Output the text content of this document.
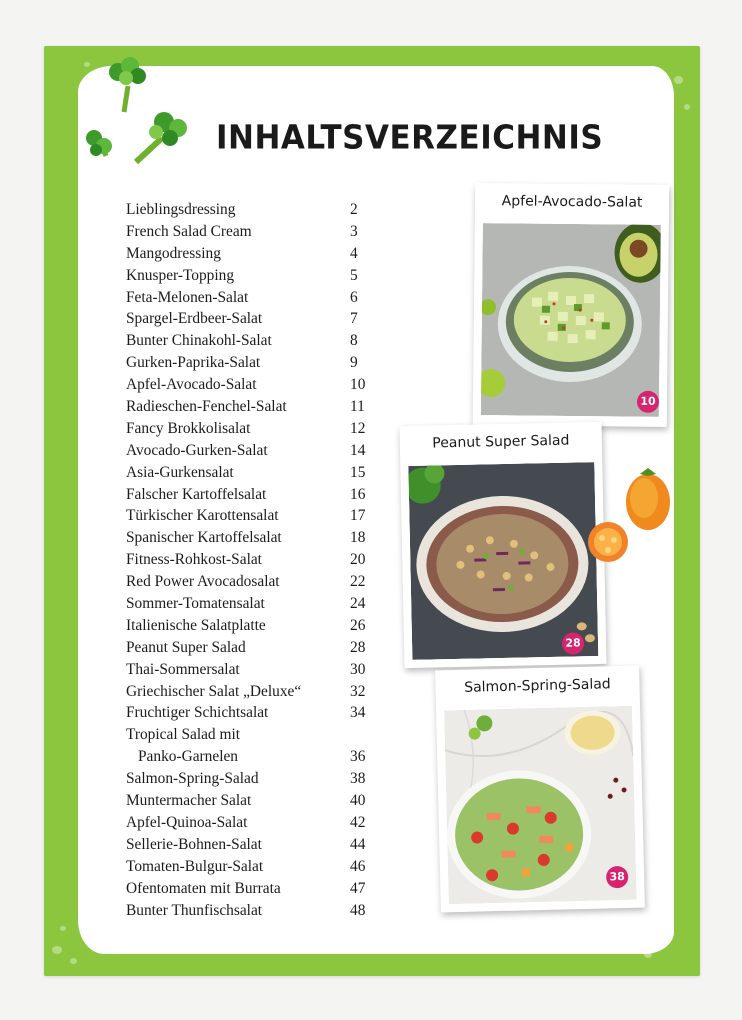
INHALTSVERZEICHNIS
Lieblingsdressing	2
French Salad Cream	3
Mangodressing	4
Knusper-Topping	5
Feta-Melonen-Salat	6
Spargel-Erdbeer-Salat	7
Bunter Chinakohl-Salat	8
Gurken-Paprika-Salat	9
Apfel-Avocado-Salat	10
Radieschen-Fenchel-Salat	11
Fancy Brokkolisalat	12
Avocado-Gurken-Salat	14
Asia-Gurkensalat	15
Falscher Kartoffelsalat	16
Türkischer Karottensalat	17
Spanischer Kartoffelsalat	18
Fitness-Rohkost-Salat	20
Red Power Avocadosalat	22
Sommer-Tomatensalat	24
Italienische Salatplatte	26
Peanut Super Salad	28
Thai-Sommersalat	30
Griechischer Salat „Deluxe“	32
Fruchtiger Schichtsalat	34
Tropical Salad mit
Panko-Garnelen	36
Salmon-Spring-Salad	38
Muntermacher Salat	40
Apfel-Quinoa-Salat	42
Sellerie-Bohnen-Salat	44
Tomaten-Bulgur-Salat	46
Ofentomaten mit Burrata	47
Bunter Thunfischsalat	48
Apfel-Avocado-Salat
10
Peanut Super Salad
28
Salmon-Spring-Salad
38
